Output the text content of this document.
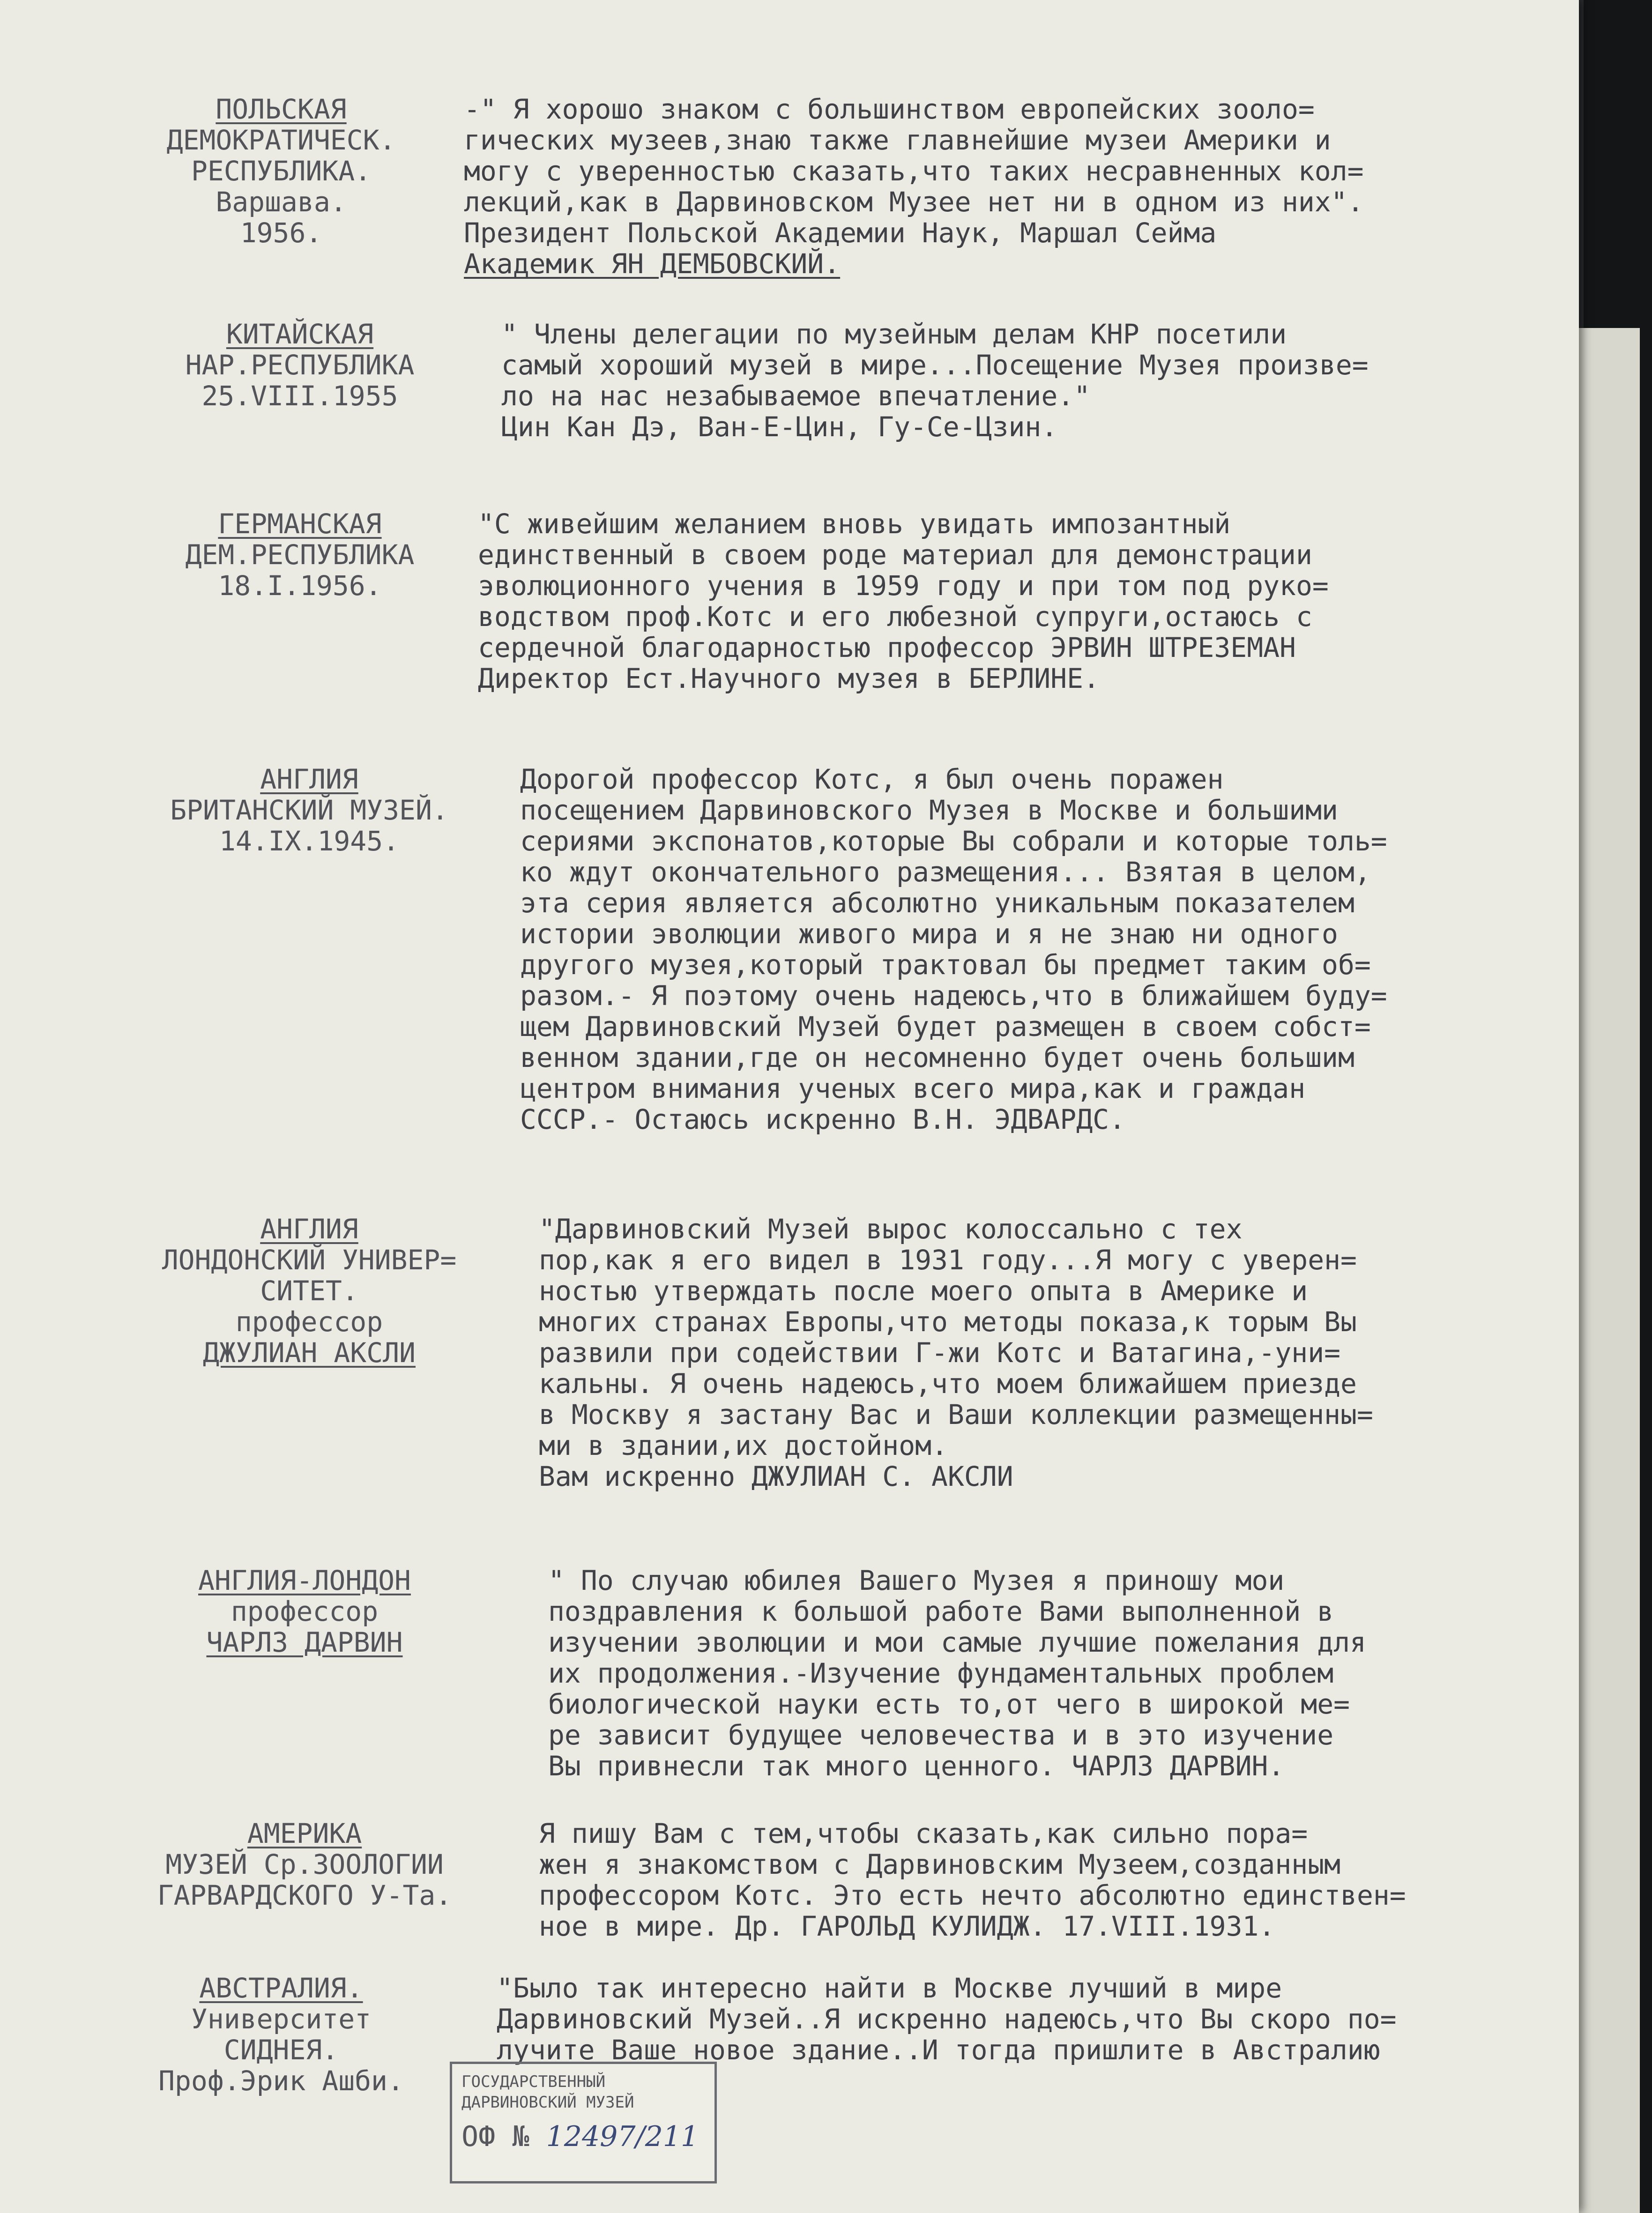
ПОЛЬСКАЯ
ДЕМОКРАТИЧЕСК.
РЕСПУБЛИКА.
Варшава.
1956.
-" Я хорошо знаком с большинством европейских зооло=
гических музеев,знаю также главнейшие музеи Америки и
могу с уверенностью сказать,что таких несравненных кол=
лекций,как в Дарвиновском Музее нет ни в одном из них".
Президент Польской Академии Наук, Маршал Сейма
Академик ЯН ДЕМБОВСКИЙ.
КИТАЙСКАЯ
НАР.РЕСПУБЛИКА
25.VIII.1955
" Члены делегации по музейным делам КНР посетили
самый хороший музей в мире...Посещение Музея произве=
ло на нас незабываемое впечатление."
Цин Кан Дэ, Ван-Е-Цин, Гу-Се-Цзин.
ГЕРМАНСКАЯ
ДЕМ.РЕСПУБЛИКА
18.I.1956.
"С живейшим желанием вновь увидать импозантный
единственный в своем роде материал для демонстрации
эволюционного учения в 1959 году и при том под руко=
водством проф.Котс и его любезной супруги,остаюсь с
сердечной благодарностью профессор ЭРВИН ШТРЕЗЕМАН
Директор Ест.Научного музея в БЕРЛИНЕ.
АНГЛИЯ
БРИТАНСКИЙ МУЗЕЙ.
14.IX.1945.
Дорогой профессор Котс, я был очень поражен
посещением Дарвиновского Музея в Москве и большими
сериями экспонатов,которые Вы собрали и которые толь=
ко ждут окончательного размещения... Взятая в целом,
эта серия является абсолютно уникальным показателем
истории эволюции живого мира и я не знаю ни одного
другого музея,который трактовал бы предмет таким об=
разом.- Я поэтому очень надеюсь,что в ближайшем буду=
щем Дарвиновский Музей будет размещен в своем собст=
венном здании,где он несомненно будет очень большим
центром внимания ученых всего мира,как и граждан
СССР.- Остаюсь искренно В.Н. ЭДВАРДС.
АНГЛИЯ
ЛОНДОНСКИЙ УНИВЕР=
СИТЕТ.
профессор
ДЖУЛИАН АКСЛИ
"Дарвиновский Музей вырос колоссально с тех
пор,как я его видел в 1931 году...Я могу с уверен=
ностью утверждать после моего опыта в Америке и
многих странах Европы,что методы показа,к торым Вы
развили при содействии Г-жи Котс и Ватагина,-уни=
кальны. Я очень надеюсь,что моем ближайшем приезде
в Москву я застану Вас и Ваши коллекции размещенны=
ми в здании,их достойном.
Вам искренно ДЖУЛИАН С. АКСЛИ
АНГЛИЯ-ЛОНДОН
профессор
ЧАРЛЗ ДАРВИН
" По случаю юбилея Вашего Музея я приношу мои
поздравления к большой работе Вами выполненной в
изучении эволюции и мои самые лучшие пожелания для
их продолжения.-Изучение фундаментальных проблем
биологической науки есть то,от чего в широкой ме=
ре зависит будущее человечества и в это изучение
Вы привнесли так много ценного. ЧАРЛЗ ДАРВИН.
АМЕРИКА
МУЗЕЙ Ср.ЗООЛОГИИ
ГАРВАРДСКОГО У-Та.
Я пишу Вам с тем,чтобы сказать,как сильно пора=
жен я знакомством с Дарвиновским Музеем,созданным
профессором Котс. Это есть нечто абсолютно единствен=
ное в мире. Др. ГАРОЛЬД КУЛИДЖ. 17.VIII.1931.
АВСТРАЛИЯ.
Университет
СИДНЕЯ.
Проф.Эрик Ашби.
"Было так интересно найти в Москве лучший в мире
Дарвиновский Музей..Я искренно надеюсь,что Вы скоро по=
лучите Ваше новое здание..И тогда пришлите в Австралию
ГОСУДАРСТВЕННЫЙ
ДАРВИНОВСКИЙ МУЗЕЙ
ОФ № 12497/211
